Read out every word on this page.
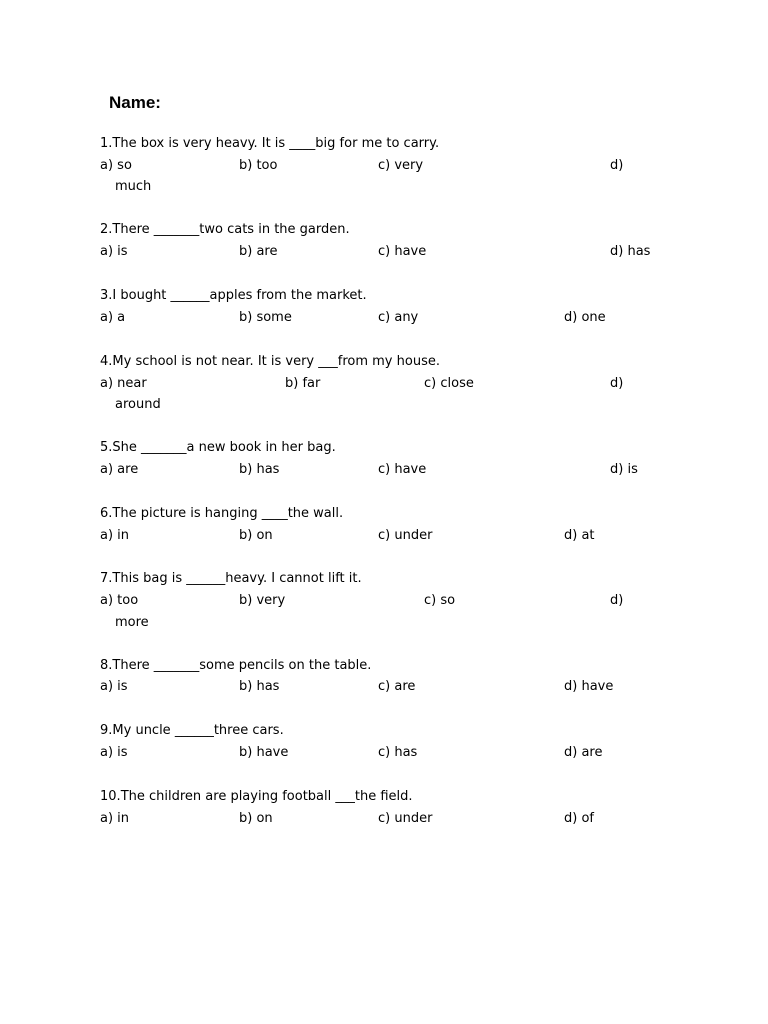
Name:
1.The box is very heavy. It is ____big for me to carry.
a) so	b) too	c) very	d)
much
2.There _______two cats in the garden.
a) is	b) are	c) have	d) has
3.I bought ______apples from the market.
a) a	b) some	c) any	d) one
4.My school is not near. It is very ___from my house.
a) near	b) far	c) close	d)
around
5.She _______a new book in her bag.
a) are	b) has	c) have	d) is
6.The picture is hanging ____the wall.
a) in	b) on	c) under	d) at
7.This bag is ______heavy. I cannot lift it.
a) too	b) very	c) so	d)
more
8.There _______some pencils on the table.
a) is	b) has	c) are	d) have
9.My uncle ______three cars.
a) is	b) have	c) has	d) are
10.The children are playing football ___the field.
a) in	b) on	c) under	d) of
